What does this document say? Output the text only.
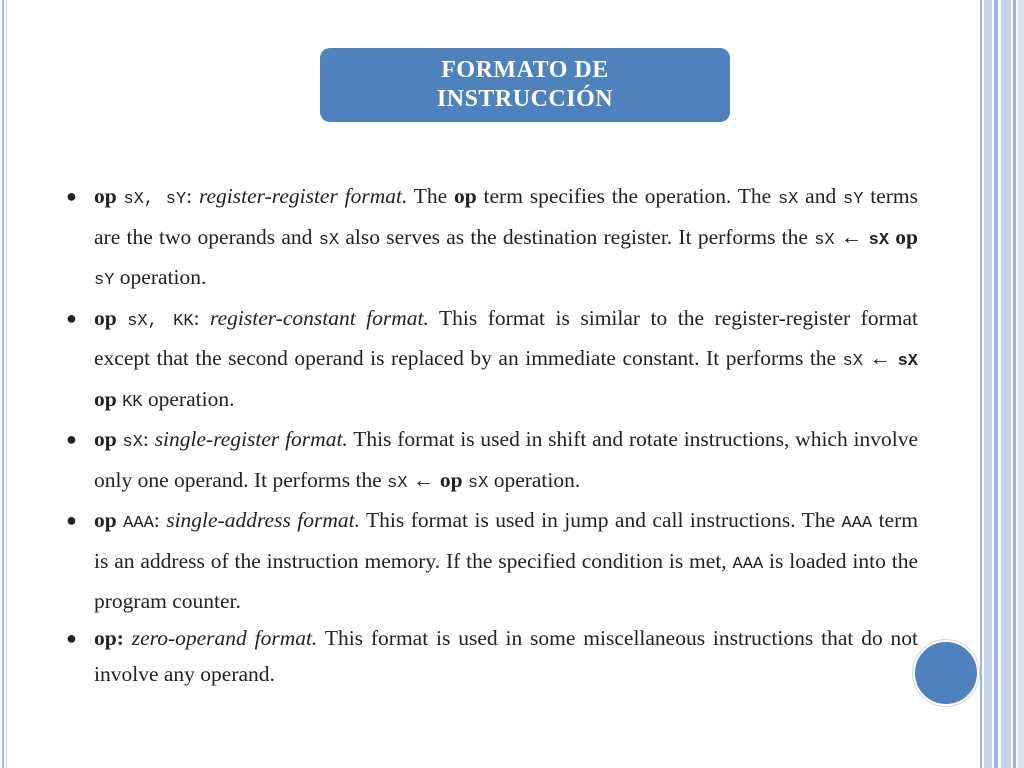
FORMATO DE
INSTRUCCIÓN
● op sX, sY: register-register format. The op term specifies the operation. The sX and sY terms are the two operands and sX also serves as the destination register. It performs the sX ← sX op sY operation.
● op sX, KK: register-constant format. This format is similar to the register-register format except that the second operand is replaced by an immediate constant. It performs the sX ← sX op KK operation.
● op sX: single-register format. This format is used in shift and rotate instructions, which involve only one operand. It performs the sX ← op sX operation.
● op AAA: single-address format. This format is used in jump and call instructions. The AAA term is an address of the instruction memory. If the specified condition is met, AAA is loaded into the program counter.
● op: zero-operand format. This format is used in some miscellaneous instructions that do not involve any operand.
